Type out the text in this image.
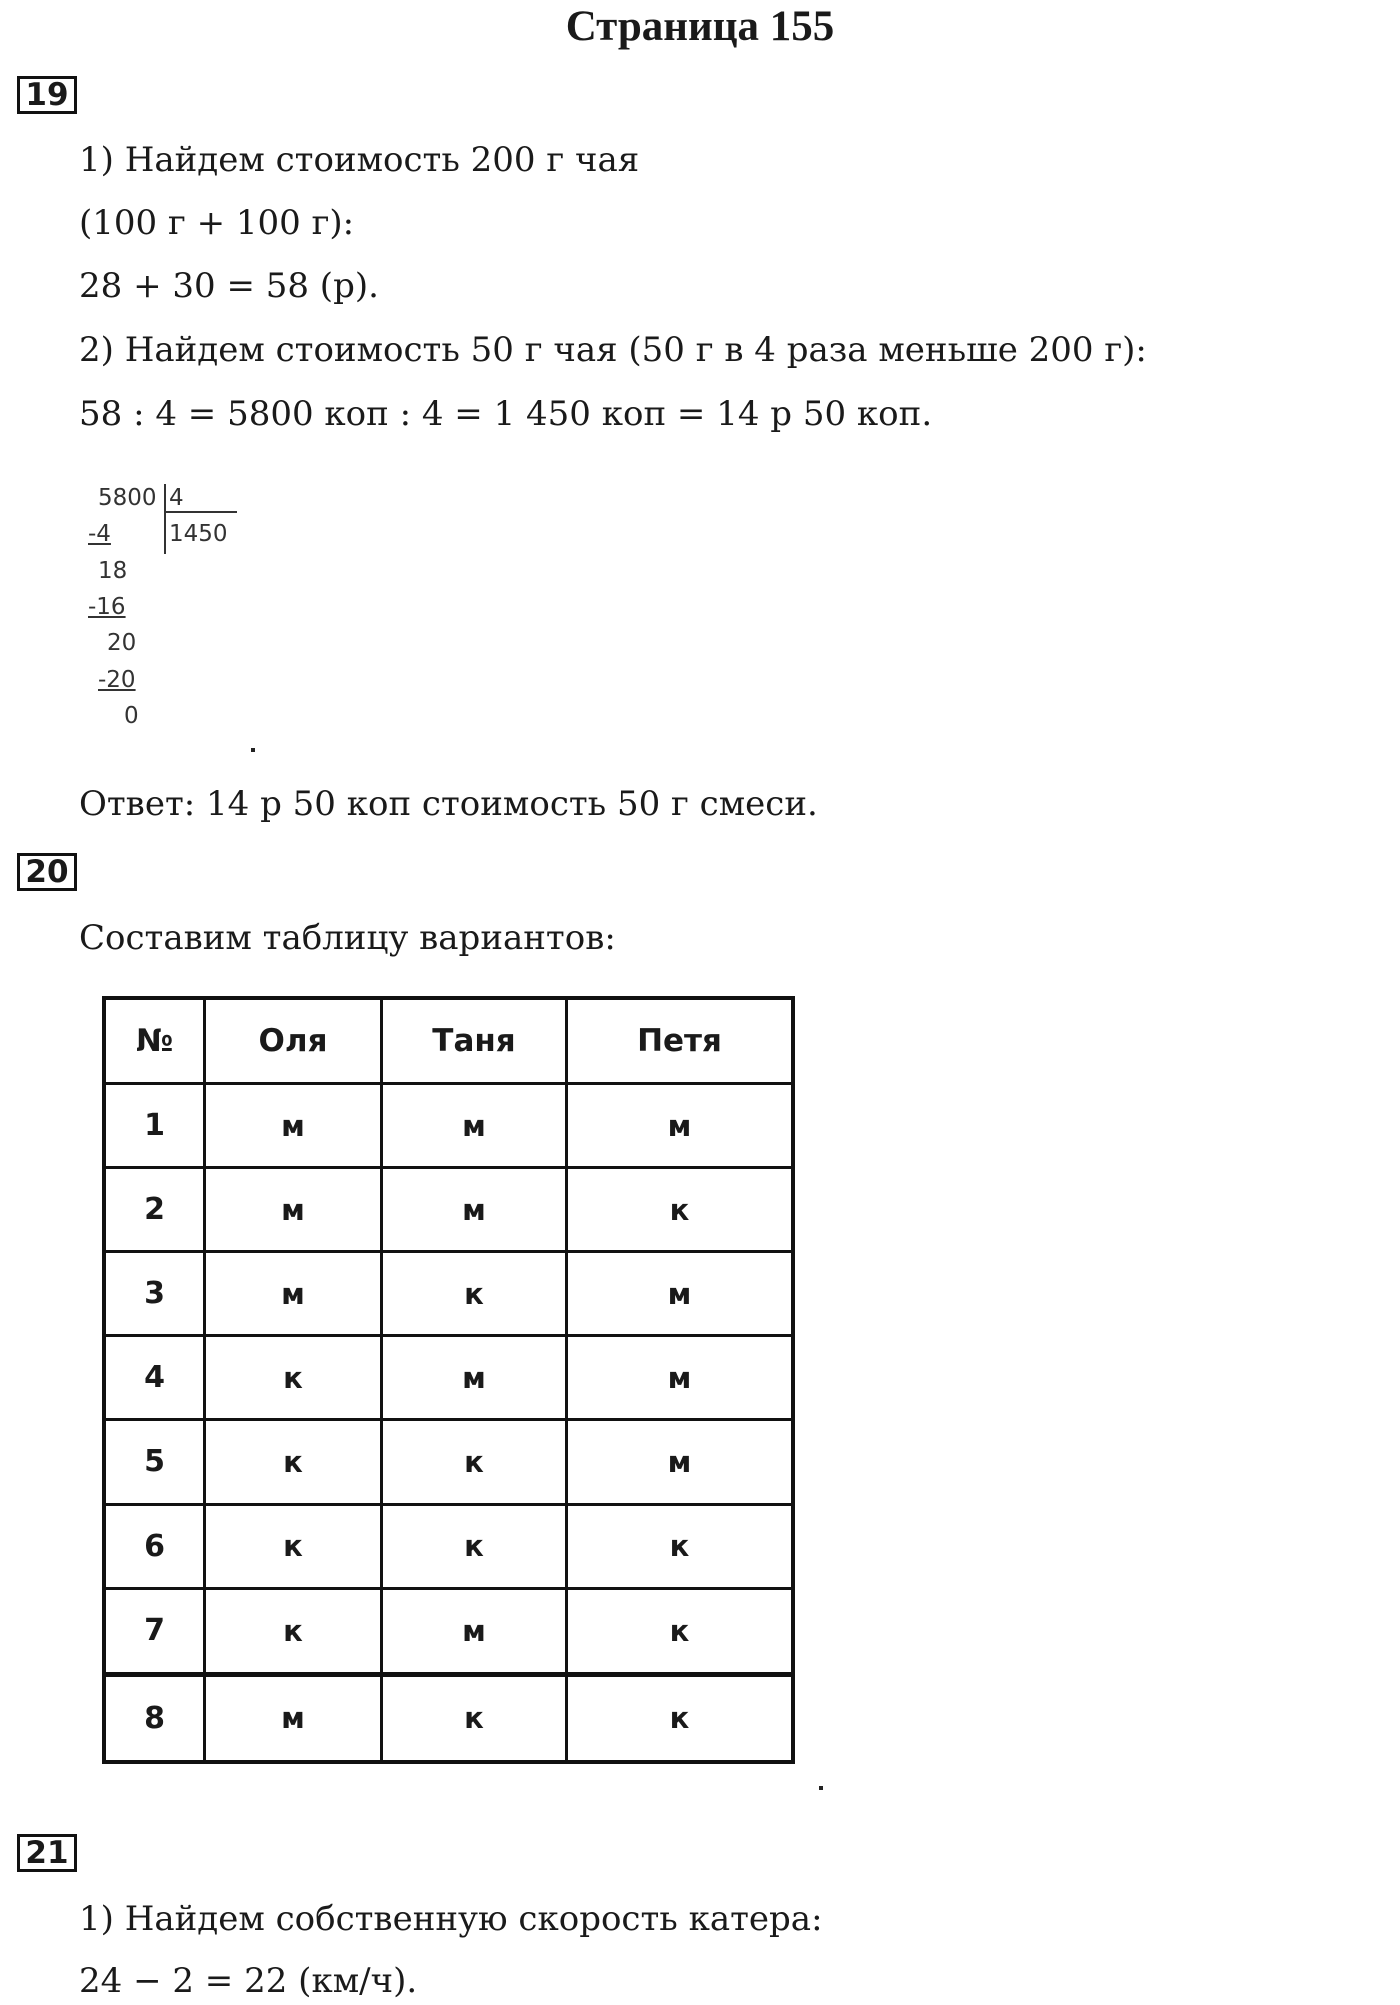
Страница 155
19
1) Найдем стоимость 200 г чая
(100 г + 100 г):
28 + 30 = 58 (р).
2) Найдем стоимость 50 г чая (50 г в 4 раза меньше 200 г):
58 : 4 = 5800 коп : 4 = 1 450 коп = 14 р 50 коп.
5800 4
1450
-4
18
-16
20
-20
0
Ответ: 14 р 50 коп стоимость 50 г смеси.
20
Составим таблицу вариантов:
№	Оля	Таня	Петя
1	м	м	м
2	м	м	к
3	м	к	м
4	к	м	м
5	к	к	м
6	к	к	к
7	к	м	к
8	м	к	к
21
1) Найдем собственную скорость катера:
24 − 2 = 22 (км/ч).
